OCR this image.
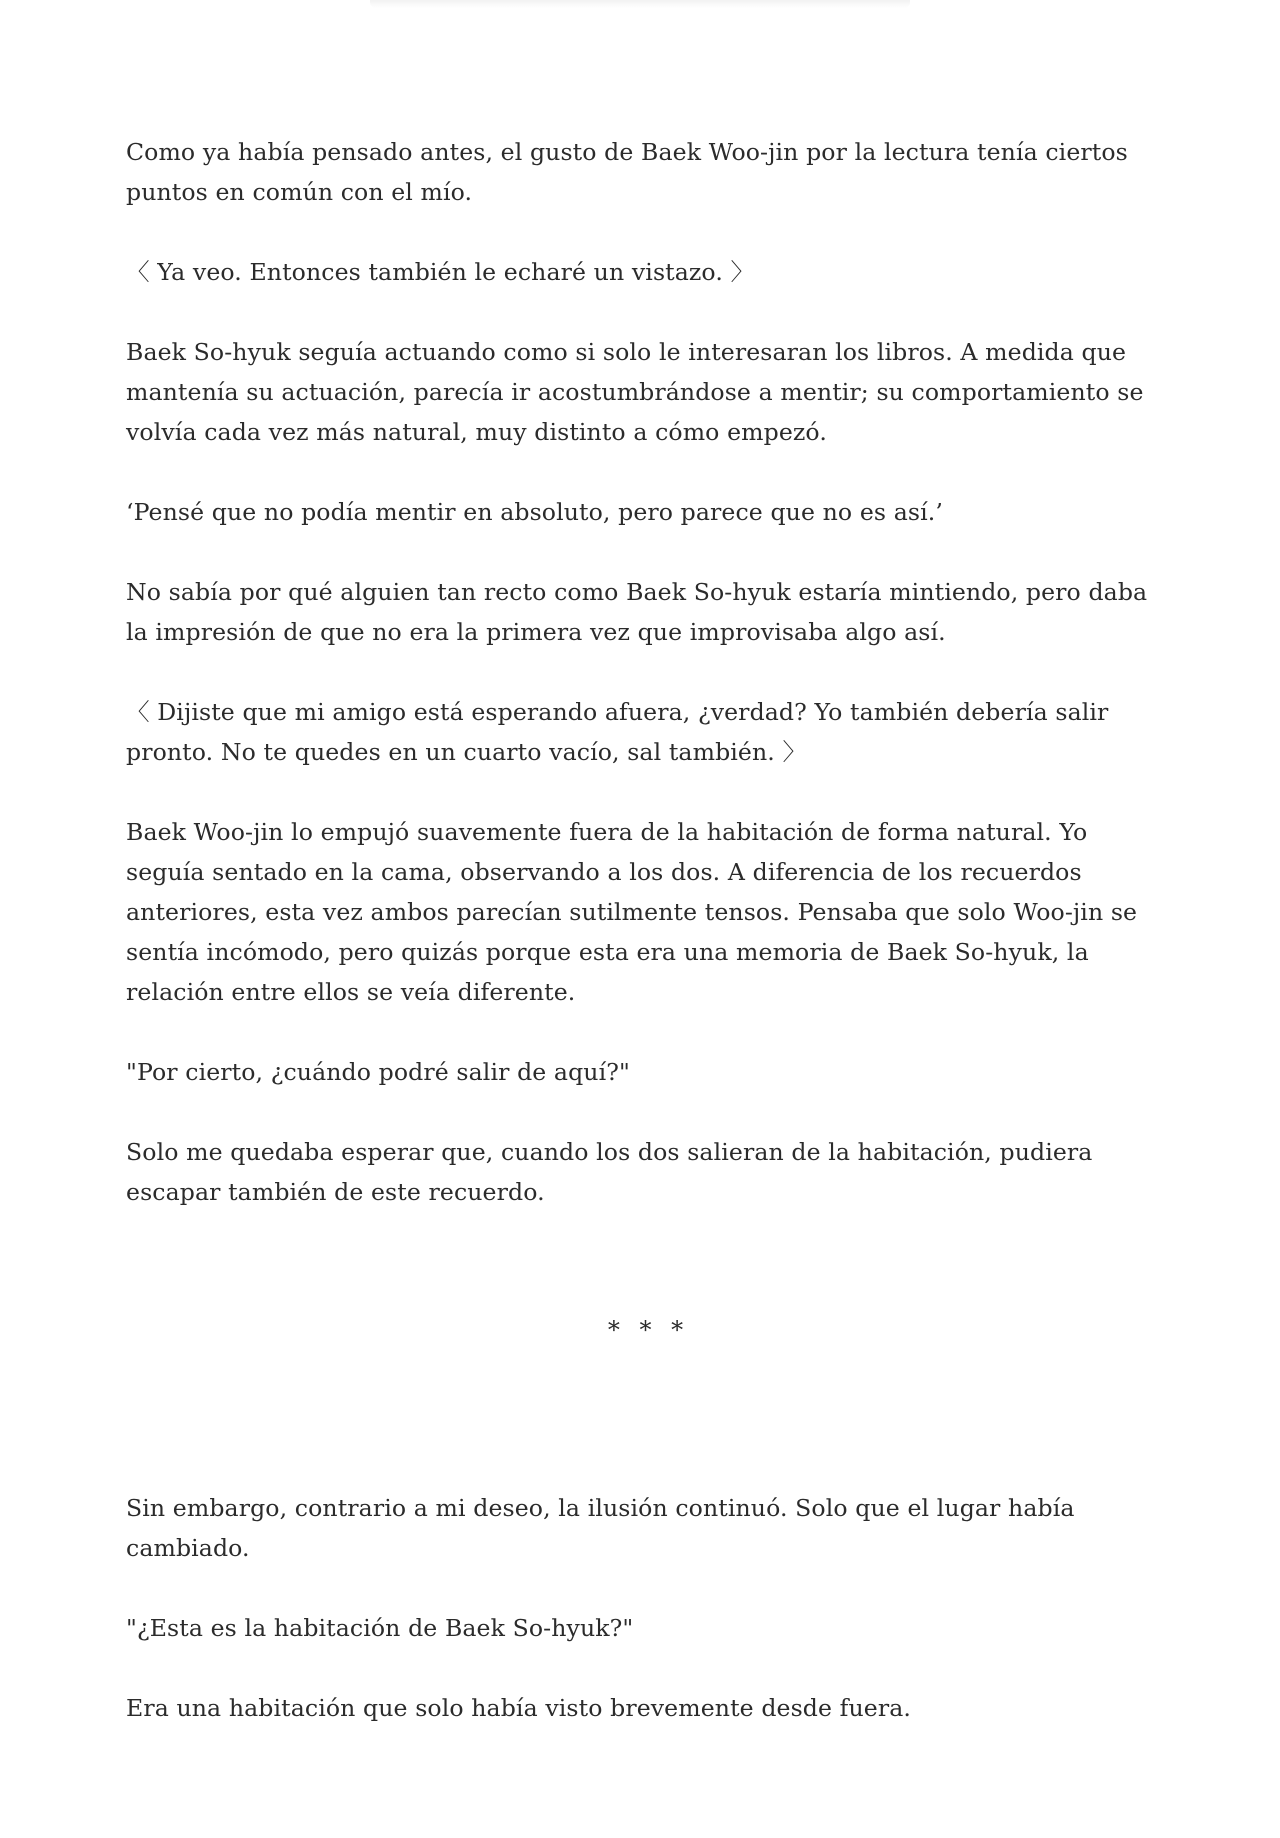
Como ya había pensado antes, el gusto de Baek Woo-jin por la lectura tenía ciertos puntos en común con el mío.

〈 Ya veo. Entonces también le echaré un vistazo. 〉

Baek So-hyuk seguía actuando como si solo le interesaran los libros. A medida que mantenía su actuación, parecía ir acostumbrándose a mentir; su comportamiento se volvía cada vez más natural, muy distinto a cómo empezó.

‘Pensé que no podía mentir en absoluto, pero parece que no es así.’

No sabía por qué alguien tan recto como Baek So-hyuk estaría mintiendo, pero daba la impresión de que no era la primera vez que improvisaba algo así.

〈 Dijiste que mi amigo está esperando afuera, ¿verdad? Yo también debería salir pronto. No te quedes en un cuarto vacío, sal también. 〉

Baek Woo-jin lo empujó suavemente fuera de la habitación de forma natural. Yo seguía sentado en la cama, observando a los dos. A diferencia de los recuerdos anteriores, esta vez ambos parecían sutilmente tensos. Pensaba que solo Woo-jin se sentía incómodo, pero quizás porque esta era una memoria de Baek So-hyuk, la relación entre ellos se veía diferente.

"Por cierto, ¿cuándo podré salir de aquí?"

Solo me quedaba esperar que, cuando los dos salieran de la habitación, pudiera escapar también de este recuerdo.

* * *

Sin embargo, contrario a mi deseo, la ilusión continuó. Solo que el lugar había cambiado.

"¿Esta es la habitación de Baek So-hyuk?"

Era una habitación que solo había visto brevemente desde fuera.
